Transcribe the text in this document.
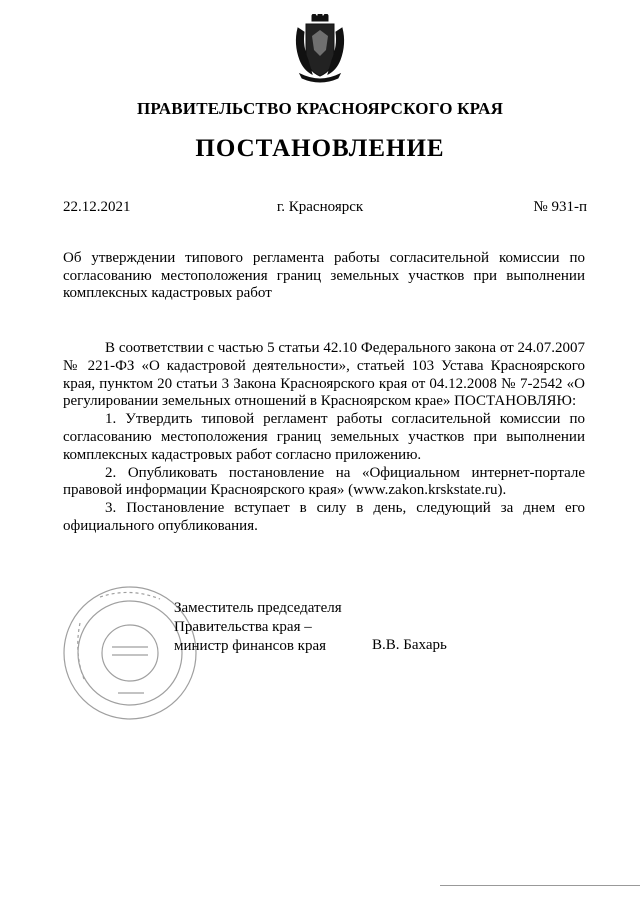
ПРАВИТЕЛЬСТВО КРАСНОЯРСКОГО КРАЯ
ПОСТАНОВЛЕНИЕ
22.12.2021	г. Красноярск	№ 931-п
Об утверждении типового регламента работы согласительной комиссии по согласованию местоположения границ земельных участков при выполнении комплексных кадастровых работ

В соответствии с частью 5 статьи 42.10 Федерального закона от 24.07.2007 № 221-ФЗ «О кадастровой деятельности», статьей 103 Устава Красноярского края, пунктом 20 статьи 3 Закона Красноярского края от 04.12.2008 № 7-2542 «О регулировании земельных отношений в Красноярском крае» ПОСТАНОВЛЯЮ:

1. Утвердить типовой регламент работы согласительной комиссии по согласованию местоположения границ земельных участков при выполнении комплексных кадастровых работ согласно приложению.

2. Опубликовать постановление на «Официальном интернет-портале правовой информации Красноярского края» (www.zakon.krskstate.ru).

3. Постановление вступает в силу в день, следующий за днем его официального опубликования.

Заместитель председателя
Правительства края –
министр финансов края	В.В. Бахарь
